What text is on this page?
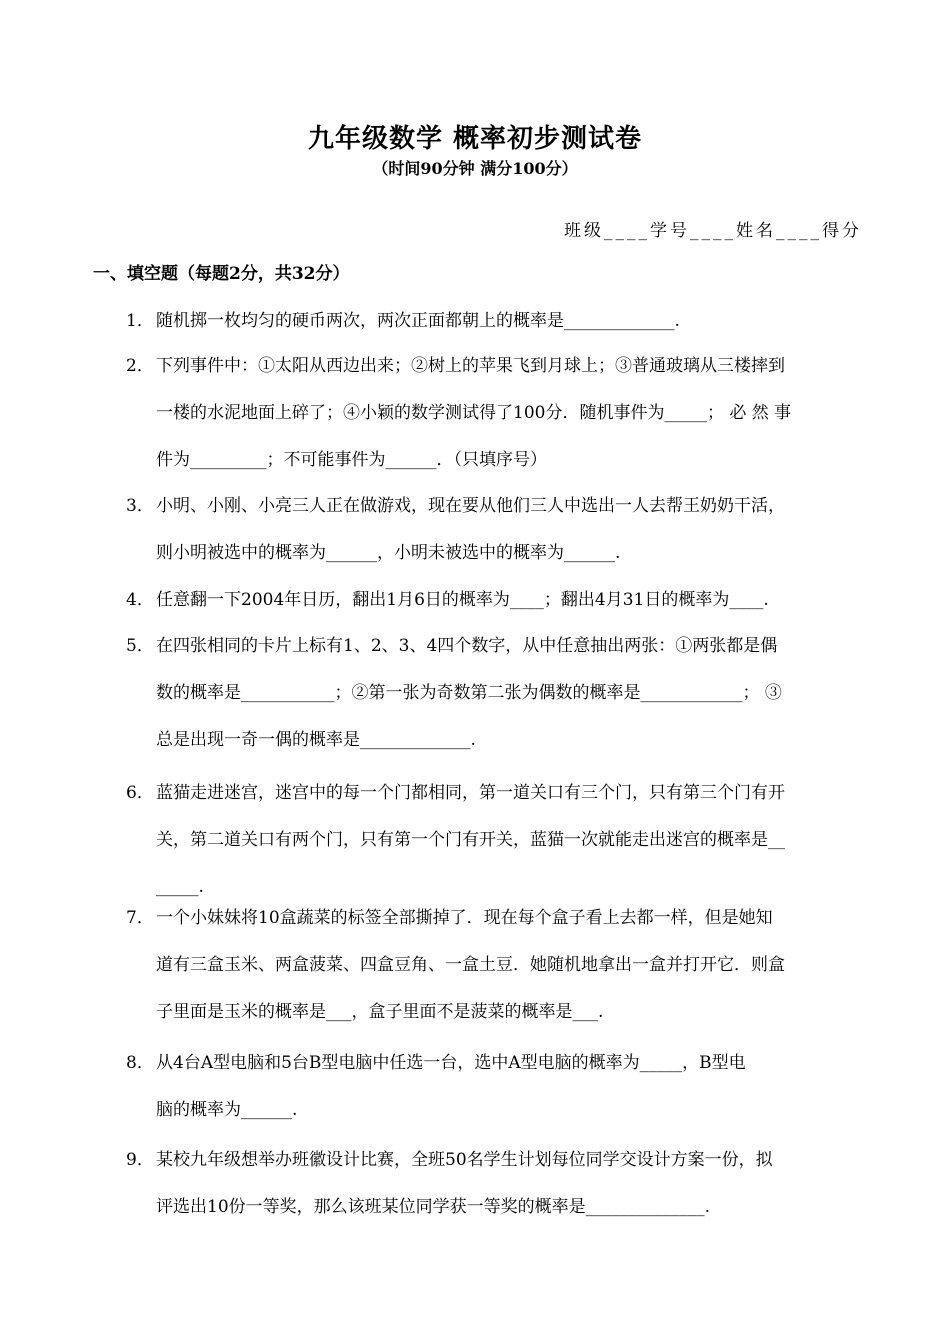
九年级数学 概率初步测试卷
（时间90分钟 满分100分）
班级____学号____姓名____得分
一、填空题（每题2分，共32分）
1． 随机掷一枚均匀的硬币两次，两次正面都朝上的概率是_____________.
2． 下列事件中：①太阳从西边出来；②树上的苹果飞到月球上；③普通玻璃从三楼摔到
一楼的水泥地面上碎了；④小颖的数学测试得了100分．随机事件为_____； 必 然 事
件为_________；不可能事件为______．（只填序号）
3． 小明、小刚、小亮三人正在做游戏，现在要从他们三人中选出一人去帮王奶奶干活，
则小明被选中的概率为______，小明未被选中的概率为______.
4． 任意翻一下2004年日历，翻出1月6日的概率为____；翻出4月31日的概率为____.
5． 在四张相同的卡片上标有1、2、3、4四个数字，从中任意抽出两张：①两张都是偶
数的概率是___________；②第一张为奇数第二张为偶数的概率是____________； ③
总是出现一奇一偶的概率是_____________.
6． 蓝猫走进迷宫，迷宫中的每一个门都相同，第一道关口有三个门，只有第三个门有开
关，第二道关口有两个门，只有第一个门有开关，蓝猫一次就能走出迷宫的概率是__
_____.
7． 一个小妹妹将10盒蔬菜的标签全部撕掉了．现在每个盒子看上去都一样，但是她知
道有三盒玉米、两盒菠菜、四盒豆角、一盒土豆．她随机地拿出一盒并打开它．则盒
子里面是玉米的概率是___，盒子里面不是菠菜的概率是___.
8． 从4台A型电脑和5台B型电脑中任选一台，选中A型电脑的概率为_____，B型电
脑的概率为______.
9． 某校九年级想举办班徽设计比赛，全班50名学生计划每位同学交设计方案一份，拟
评选出10份一等奖，那么该班某位同学获一等奖的概率是______________.
